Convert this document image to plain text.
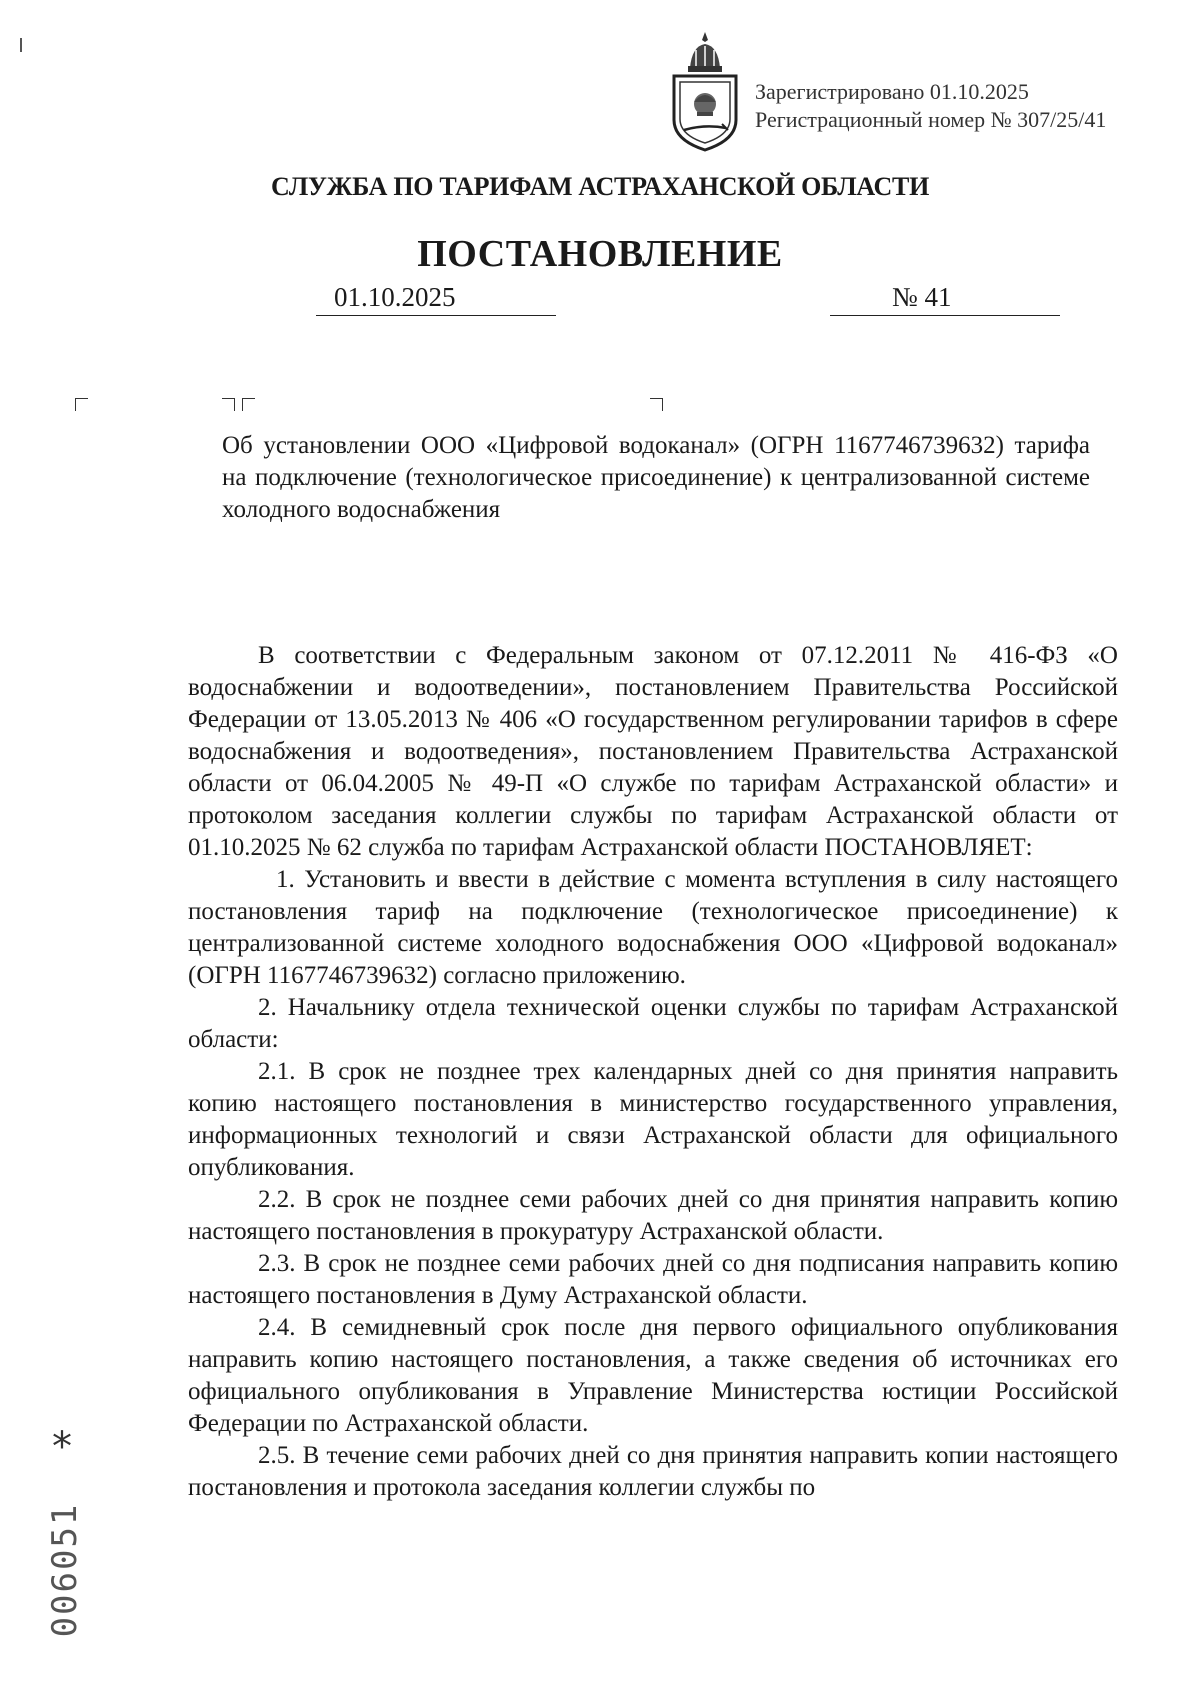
Зарегистрировано 01.10.2025
Регистрационный номер № 307/25/41
СЛУЖБА ПО ТАРИФАМ АСТРАХАНСКОЙ ОБЛАСТИ
ПОСТАНОВЛЕНИЕ
01.10.2025	№ 41
Об установлении ООО «Цифровой водоканал» (ОГРН 1167746739632) тарифа на подключение (технологическое присоединение) к централизованной системе холодного водоснабжения

В соответствии с Федеральным законом от 07.12.2011 № 416-ФЗ «О водоснабжении и водоотведении», постановлением Правительства Российской Федерации от 13.05.2013 № 406 «О государственном регулировании тарифов в сфере водоснабжения и водоотведения», постановлением Правительства Астраханской области от 06.04.2005 № 49-П «О службе по тарифам Астраханской области» и протоколом заседания коллегии службы по тарифам Астраханской области от 01.10.2025 № 62 служба по тарифам Астраханской области ПОСТАНОВЛЯЕТ:

1. Установить и ввести в действие с момента вступления в силу настоящего постановления тариф на подключение (технологическое присоединение) к централизованной системе холодного водоснабжения ООО «Цифровой водоканал» (ОГРН 1167746739632) согласно приложению.

2. Начальнику отдела технической оценки службы по тарифам Астраханской области:

2.1. В срок не позднее трех календарных дней со дня принятия направить копию настоящего постановления в министерство государственного управления, информационных технологий и связи Астраханской области для официального опубликования.

2.2. В срок не позднее семи рабочих дней со дня принятия направить копию настоящего постановления в прокуратуру Астраханской области.

2.3. В срок не позднее семи рабочих дней со дня подписания направить копию настоящего постановления в Думу Астраханской области.

2.4. В семидневный срок после дня первого официального опубликования направить копию настоящего постановления, а также сведения об источниках его официального опубликования в Управление Министерства юстиции Российской Федерации по Астраханской области.

2.5. В течение семи рабочих дней со дня принятия направить копии настоящего постановления и протокола заседания коллегии службы по

*
006051
